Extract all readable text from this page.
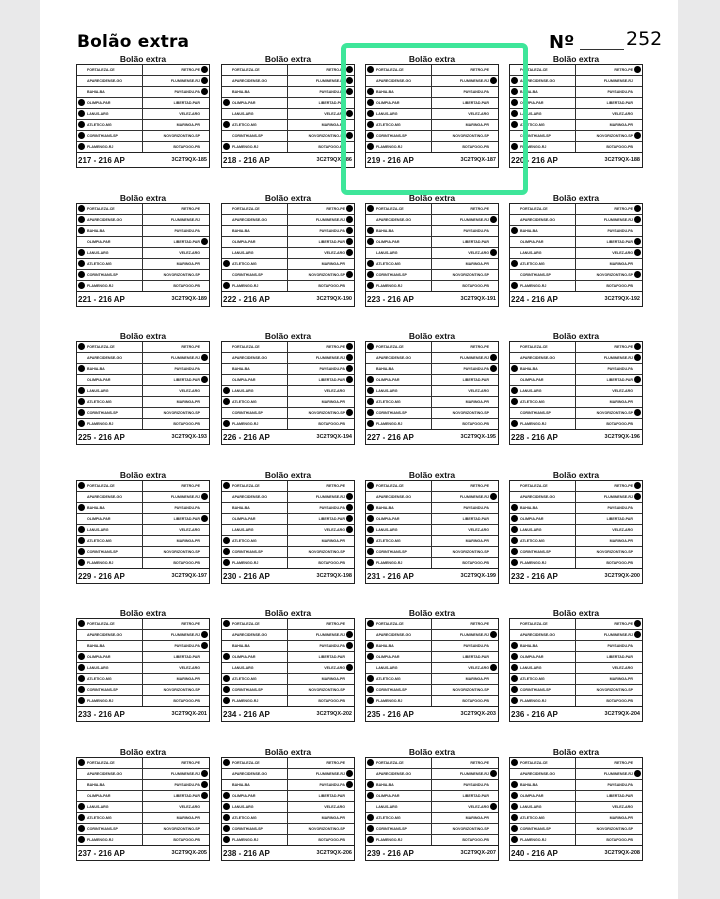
Bolão extra	Nº	252
Bolão extra
FORTALEZA-CE	RETRO-PE
APARECIDENSE-GO	FLUMINENSE-RJ
BAHIA-BA	PAYSANDU-PA
OLIMPIA-PAR	LIBERTAD-PAR
LANUS-ARG	VELEZ-ARG
ATLETICO-MG	MARINGA-PR
CORINTHIANS-SP	NOVORIZONTINO-SP
FLAMENGO-RJ	BOTAFOGO-PB
217 - 216 AP	3C2T9QX-185
Bolão extra
FORTALEZA-CE	RETRO-PE
APARECIDENSE-GO	FLUMINENSE-RJ
BAHIA-BA	PAYSANDU-PA
OLIMPIA-PAR	LIBERTAD-PAR
LANUS-ARG	VELEZ-ARG
ATLETICO-MG	MARINGA-PR
CORINTHIANS-SP	NOVORIZONTINO-SP
FLAMENGO-RJ	BOTAFOGO-PB
218 - 216 AP	3C2T9QX-186
Bolão extra
FORTALEZA-CE	RETRO-PE
APARECIDENSE-GO	FLUMINENSE-RJ
BAHIA-BA	PAYSANDU-PA
OLIMPIA-PAR	LIBERTAD-PAR
LANUS-ARG	VELEZ-ARG
ATLETICO-MG	MARINGA-PR
CORINTHIANS-SP	NOVORIZONTINO-SP
FLAMENGO-RJ	BOTAFOGO-PB
219 - 216 AP	3C2T9QX-187
Bolão extra
FORTALEZA-CE	RETRO-PE
APARECIDENSE-GO	FLUMINENSE-RJ
BAHIA-BA	PAYSANDU-PA
OLIMPIA-PAR	LIBERTAD-PAR
LANUS-ARG	VELEZ-ARG
ATLETICO-MG	MARINGA-PR
CORINTHIANS-SP	NOVORIZONTINO-SP
FLAMENGO-RJ	BOTAFOGO-PB
220 - 216 AP	3C2T9QX-188
Bolão extra
FORTALEZA-CE	RETRO-PE
APARECIDENSE-GO	FLUMINENSE-RJ
BAHIA-BA	PAYSANDU-PA
OLIMPIA-PAR	LIBERTAD-PAR
LANUS-ARG	VELEZ-ARG
ATLETICO-MG	MARINGA-PR
CORINTHIANS-SP	NOVORIZONTINO-SP
FLAMENGO-RJ	BOTAFOGO-PB
221 - 216 AP	3C2T9QX-189
Bolão extra
FORTALEZA-CE	RETRO-PE
APARECIDENSE-GO	FLUMINENSE-RJ
BAHIA-BA	PAYSANDU-PA
OLIMPIA-PAR	LIBERTAD-PAR
LANUS-ARG	VELEZ-ARG
ATLETICO-MG	MARINGA-PR
CORINTHIANS-SP	NOVORIZONTINO-SP
FLAMENGO-RJ	BOTAFOGO-PB
222 - 216 AP	3C2T9QX-190
Bolão extra
FORTALEZA-CE	RETRO-PE
APARECIDENSE-GO	FLUMINENSE-RJ
BAHIA-BA	PAYSANDU-PA
OLIMPIA-PAR	LIBERTAD-PAR
LANUS-ARG	VELEZ-ARG
ATLETICO-MG	MARINGA-PR
CORINTHIANS-SP	NOVORIZONTINO-SP
FLAMENGO-RJ	BOTAFOGO-PB
223 - 216 AP	3C2T9QX-191
Bolão extra
FORTALEZA-CE	RETRO-PE
APARECIDENSE-GO	FLUMINENSE-RJ
BAHIA-BA	PAYSANDU-PA
OLIMPIA-PAR	LIBERTAD-PAR
LANUS-ARG	VELEZ-ARG
ATLETICO-MG	MARINGA-PR
CORINTHIANS-SP	NOVORIZONTINO-SP
FLAMENGO-RJ	BOTAFOGO-PB
224 - 216 AP	3C2T9QX-192
Bolão extra
FORTALEZA-CE	RETRO-PE
APARECIDENSE-GO	FLUMINENSE-RJ
BAHIA-BA	PAYSANDU-PA
OLIMPIA-PAR	LIBERTAD-PAR
LANUS-ARG	VELEZ-ARG
ATLETICO-MG	MARINGA-PR
CORINTHIANS-SP	NOVORIZONTINO-SP
FLAMENGO-RJ	BOTAFOGO-PB
225 - 216 AP	3C2T9QX-193
Bolão extra
FORTALEZA-CE	RETRO-PE
APARECIDENSE-GO	FLUMINENSE-RJ
BAHIA-BA	PAYSANDU-PA
OLIMPIA-PAR	LIBERTAD-PAR
LANUS-ARG	VELEZ-ARG
ATLETICO-MG	MARINGA-PR
CORINTHIANS-SP	NOVORIZONTINO-SP
FLAMENGO-RJ	BOTAFOGO-PB
226 - 216 AP	3C2T9QX-194
Bolão extra
FORTALEZA-CE	RETRO-PE
APARECIDENSE-GO	FLUMINENSE-RJ
BAHIA-BA	PAYSANDU-PA
OLIMPIA-PAR	LIBERTAD-PAR
LANUS-ARG	VELEZ-ARG
ATLETICO-MG	MARINGA-PR
CORINTHIANS-SP	NOVORIZONTINO-SP
FLAMENGO-RJ	BOTAFOGO-PB
227 - 216 AP	3C2T9QX-195
Bolão extra
FORTALEZA-CE	RETRO-PE
APARECIDENSE-GO	FLUMINENSE-RJ
BAHIA-BA	PAYSANDU-PA
OLIMPIA-PAR	LIBERTAD-PAR
LANUS-ARG	VELEZ-ARG
ATLETICO-MG	MARINGA-PR
CORINTHIANS-SP	NOVORIZONTINO-SP
FLAMENGO-RJ	BOTAFOGO-PB
228 - 216 AP	3C2T9QX-196
Bolão extra
FORTALEZA-CE	RETRO-PE
APARECIDENSE-GO	FLUMINENSE-RJ
BAHIA-BA	PAYSANDU-PA
OLIMPIA-PAR	LIBERTAD-PAR
LANUS-ARG	VELEZ-ARG
ATLETICO-MG	MARINGA-PR
CORINTHIANS-SP	NOVORIZONTINO-SP
FLAMENGO-RJ	BOTAFOGO-PB
229 - 216 AP	3C2T9QX-197
Bolão extra
FORTALEZA-CE	RETRO-PE
APARECIDENSE-GO	FLUMINENSE-RJ
BAHIA-BA	PAYSANDU-PA
OLIMPIA-PAR	LIBERTAD-PAR
LANUS-ARG	VELEZ-ARG
ATLETICO-MG	MARINGA-PR
CORINTHIANS-SP	NOVORIZONTINO-SP
FLAMENGO-RJ	BOTAFOGO-PB
230 - 216 AP	3C2T9QX-198
Bolão extra
FORTALEZA-CE	RETRO-PE
APARECIDENSE-GO	FLUMINENSE-RJ
BAHIA-BA	PAYSANDU-PA
OLIMPIA-PAR	LIBERTAD-PAR
LANUS-ARG	VELEZ-ARG
ATLETICO-MG	MARINGA-PR
CORINTHIANS-SP	NOVORIZONTINO-SP
FLAMENGO-RJ	BOTAFOGO-PB
231 - 216 AP	3C2T9QX-199
Bolão extra
FORTALEZA-CE	RETRO-PE
APARECIDENSE-GO	FLUMINENSE-RJ
BAHIA-BA	PAYSANDU-PA
OLIMPIA-PAR	LIBERTAD-PAR
LANUS-ARG	VELEZ-ARG
ATLETICO-MG	MARINGA-PR
CORINTHIANS-SP	NOVORIZONTINO-SP
FLAMENGO-RJ	BOTAFOGO-PB
232 - 216 AP	3C2T9QX-200
Bolão extra
FORTALEZA-CE	RETRO-PE
APARECIDENSE-GO	FLUMINENSE-RJ
BAHIA-BA	PAYSANDU-PA
OLIMPIA-PAR	LIBERTAD-PAR
LANUS-ARG	VELEZ-ARG
ATLETICO-MG	MARINGA-PR
CORINTHIANS-SP	NOVORIZONTINO-SP
FLAMENGO-RJ	BOTAFOGO-PB
233 - 216 AP	3C2T9QX-201
Bolão extra
FORTALEZA-CE	RETRO-PE
APARECIDENSE-GO	FLUMINENSE-RJ
BAHIA-BA	PAYSANDU-PA
OLIMPIA-PAR	LIBERTAD-PAR
LANUS-ARG	VELEZ-ARG
ATLETICO-MG	MARINGA-PR
CORINTHIANS-SP	NOVORIZONTINO-SP
FLAMENGO-RJ	BOTAFOGO-PB
234 - 216 AP	3C2T9QX-202
Bolão extra
FORTALEZA-CE	RETRO-PE
APARECIDENSE-GO	FLUMINENSE-RJ
BAHIA-BA	PAYSANDU-PA
OLIMPIA-PAR	LIBERTAD-PAR
LANUS-ARG	VELEZ-ARG
ATLETICO-MG	MARINGA-PR
CORINTHIANS-SP	NOVORIZONTINO-SP
FLAMENGO-RJ	BOTAFOGO-PB
235 - 216 AP	3C2T9QX-203
Bolão extra
FORTALEZA-CE	RETRO-PE
APARECIDENSE-GO	FLUMINENSE-RJ
BAHIA-BA	PAYSANDU-PA
OLIMPIA-PAR	LIBERTAD-PAR
LANUS-ARG	VELEZ-ARG
ATLETICO-MG	MARINGA-PR
CORINTHIANS-SP	NOVORIZONTINO-SP
FLAMENGO-RJ	BOTAFOGO-PB
236 - 216 AP	3C2T9QX-204
Bolão extra
FORTALEZA-CE	RETRO-PE
APARECIDENSE-GO	FLUMINENSE-RJ
BAHIA-BA	PAYSANDU-PA
OLIMPIA-PAR	LIBERTAD-PAR
LANUS-ARG	VELEZ-ARG
ATLETICO-MG	MARINGA-PR
CORINTHIANS-SP	NOVORIZONTINO-SP
FLAMENGO-RJ	BOTAFOGO-PB
237 - 216 AP	3C2T9QX-205
Bolão extra
FORTALEZA-CE	RETRO-PE
APARECIDENSE-GO	FLUMINENSE-RJ
BAHIA-BA	PAYSANDU-PA
OLIMPIA-PAR	LIBERTAD-PAR
LANUS-ARG	VELEZ-ARG
ATLETICO-MG	MARINGA-PR
CORINTHIANS-SP	NOVORIZONTINO-SP
FLAMENGO-RJ	BOTAFOGO-PB
238 - 216 AP	3C2T9QX-206
Bolão extra
FORTALEZA-CE	RETRO-PE
APARECIDENSE-GO	FLUMINENSE-RJ
BAHIA-BA	PAYSANDU-PA
OLIMPIA-PAR	LIBERTAD-PAR
LANUS-ARG	VELEZ-ARG
ATLETICO-MG	MARINGA-PR
CORINTHIANS-SP	NOVORIZONTINO-SP
FLAMENGO-RJ	BOTAFOGO-PB
239 - 216 AP	3C2T9QX-207
Bolão extra
FORTALEZA-CE	RETRO-PE
APARECIDENSE-GO	FLUMINENSE-RJ
BAHIA-BA	PAYSANDU-PA
OLIMPIA-PAR	LIBERTAD-PAR
LANUS-ARG	VELEZ-ARG
ATLETICO-MG	MARINGA-PR
CORINTHIANS-SP	NOVORIZONTINO-SP
FLAMENGO-RJ	BOTAFOGO-PB
240 - 216 AP	3C2T9QX-208
